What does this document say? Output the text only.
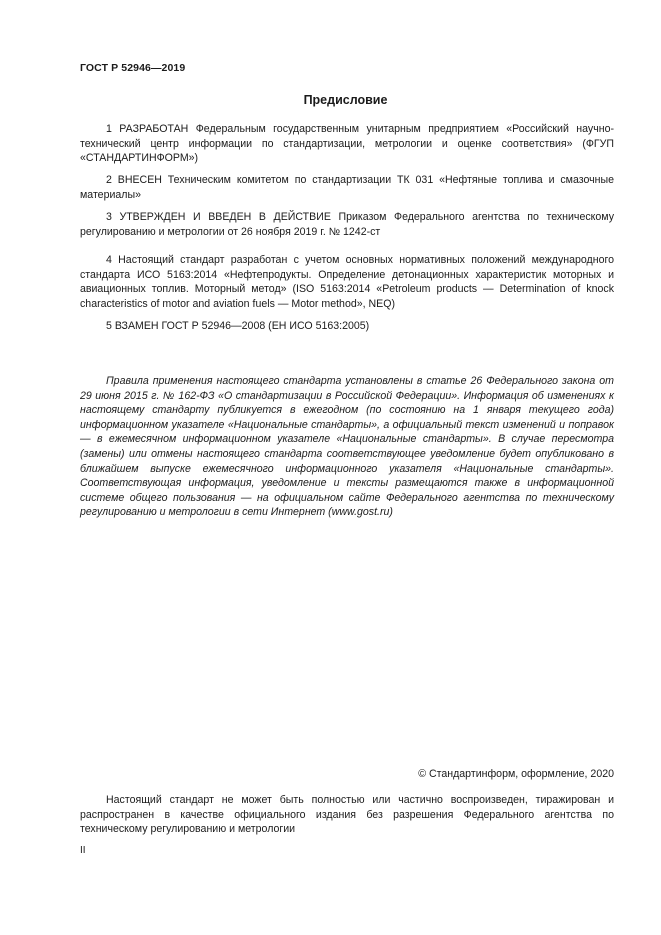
ГОСТ Р 52946—2019
Предисловие

1 РАЗРАБОТАН Федеральным государственным унитарным предприятием «Российский научно-технический центр информации по стандартизации, метрологии и оценке соответствия» (ФГУП «СТАНДАРТИНФОРМ»)

2 ВНЕСЕН Техническим комитетом по стандартизации ТК 031 «Нефтяные топлива и смазочные материалы»

3 УТВЕРЖДЕН И ВВЕДЕН В ДЕЙСТВИЕ Приказом Федерального агентства по техническому регулированию и метрологии от 26 ноября 2019 г. № 1242-ст

4 Настоящий стандарт разработан с учетом основных нормативных положений международного стандарта ИСО 5163:2014 «Нефтепродукты. Определение детонационных характеристик моторных и авиационных топлив. Моторный метод» (ISO 5163:2014 «Petroleum products — Determination of knock characteristics of motor and aviation fuels — Motor method», NEQ)

5 ВЗАМЕН ГОСТ Р 52946—2008 (ЕН ИСО 5163:2005)

Правила применения настоящего стандарта установлены в статье 26 Федерального закона от 29 июня 2015 г. № 162-ФЗ «О стандартизации в Российской Федерации». Информация об изменениях к настоящему стандарту публикуется в ежегодном (по состоянию на 1 января текущего года) информационном указателе «Национальные стандарты», а официальный текст изменений и поправок — в ежемесячном информационном указателе «Национальные стандарты». В случае пересмотра (замены) или отмены настоящего стандарта соответствующее уведомление будет опубликовано в ближайшем выпуске ежемесячного информационного указателя «Национальные стандарты». Соответствующая информация, уведомление и тексты размещаются также в информационной системе общего пользования — на официальном сайте Федерального агентства по техническому регулированию и метрологии в сети Интернет (www.gost.ru)

© Стандартинформ, оформление, 2020

Настоящий стандарт не может быть полностью или частично воспроизведен, тиражирован и распространен в качестве официального издания без разрешения Федерального агентства по техническому регулированию и метрологии

II
